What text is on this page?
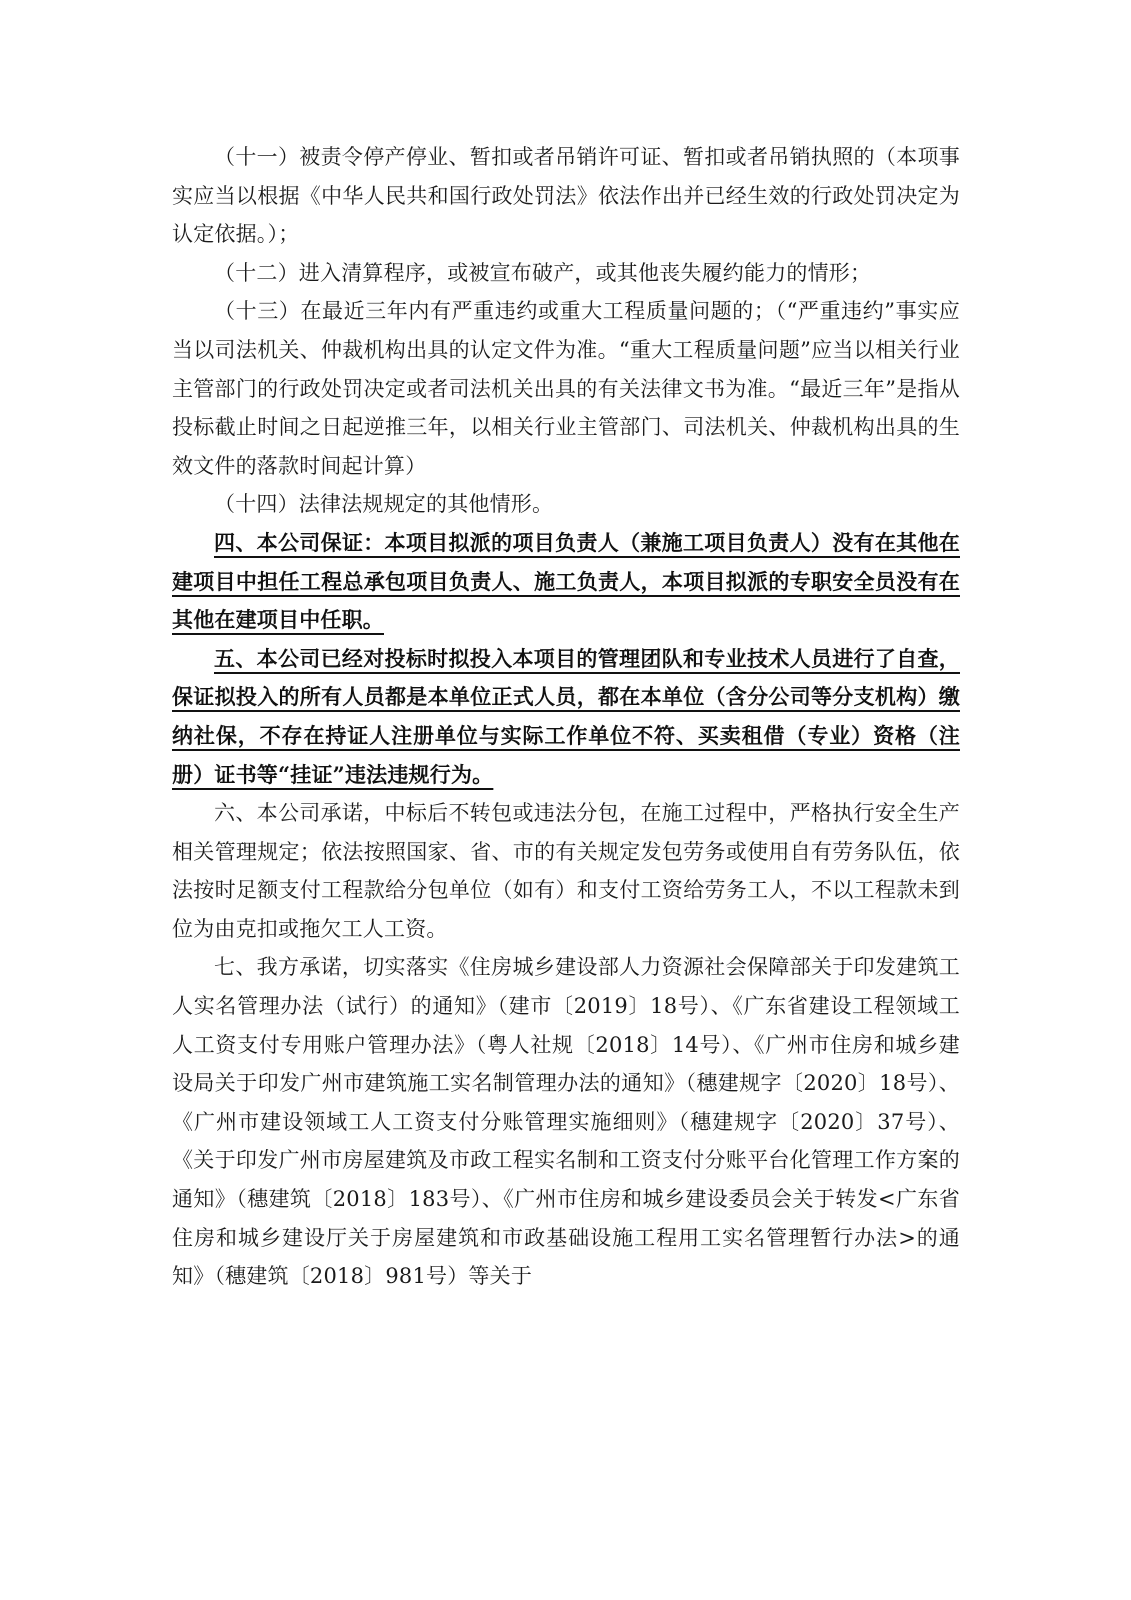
（十一）被责令停产停业、暂扣或者吊销许可证、暂扣或者吊销执照的（本项事实应当以根据《中华人民共和国行政处罚法》依法作出并已经生效的行政处罚决定为认定依据。）；

（十二）进入清算程序，或被宣布破产，或其他丧失履约能力的情形；

（十三）在最近三年内有严重违约或重大工程质量问题的；（“严重违约”事实应当以司法机关、仲裁机构出具的认定文件为准。“重大工程质量问题”应当以相关行业主管部门的行政处罚决定或者司法机关出具的有关法律文书为准。“最近三年”是指从投标截止时间之日起逆推三年，以相关行业主管部门、司法机关、仲裁机构出具的生效文件的落款时间起计算）

（十四）法律法规规定的其他情形。

四、本公司保证：本项目拟派的项目负责人（兼施工项目负责人）没有在其他在建项目中担任工程总承包项目负责人、施工负责人，本项目拟派的专职安全员没有在其他在建项目中任职。

五、本公司已经对投标时拟投入本项目的管理团队和专业技术人员进行了自查，保证拟投入的所有人员都是本单位正式人员，都在本单位（含分公司等分支机构）缴纳社保，不存在持证人注册单位与实际工作单位不符、买卖租借（专业）资格（注册）证书等“挂证”违法违规行为。

六、本公司承诺，中标后不转包或违法分包，在施工过程中，严格执行安全生产相关管理规定；依法按照国家、省、市的有关规定发包劳务或使用自有劳务队伍，依法按时足额支付工程款给分包单位（如有）和支付工资给劳务工人，不以工程款未到位为由克扣或拖欠工人工资。

七、我方承诺，切实落实《住房城乡建设部人力资源社会保障部关于印发建筑工人实名管理办法（试行）的通知》（建市〔2019〕18号）、《广东省建设工程领域工人工资支付专用账户管理办法》（粤人社规〔2018〕14号）、《广州市住房和城乡建设局关于印发广州市建筑施工实名制管理办法的通知》（穗建规字〔2020〕18号）、《广州市建设领域工人工资支付分账管理实施细则》（穗建规字〔2020〕37号）、《关于印发广州市房屋建筑及市政工程实名制和工资支付分账平台化管理工作方案的通知》（穗建筑〔2018〕183号）、《广州市住房和城乡建设委员会关于转发<广东省住房和城乡建设厅关于房屋建筑和市政基础设施工程用工实名管理暂行办法>的通知》（穗建筑〔2018〕981号）等关于
